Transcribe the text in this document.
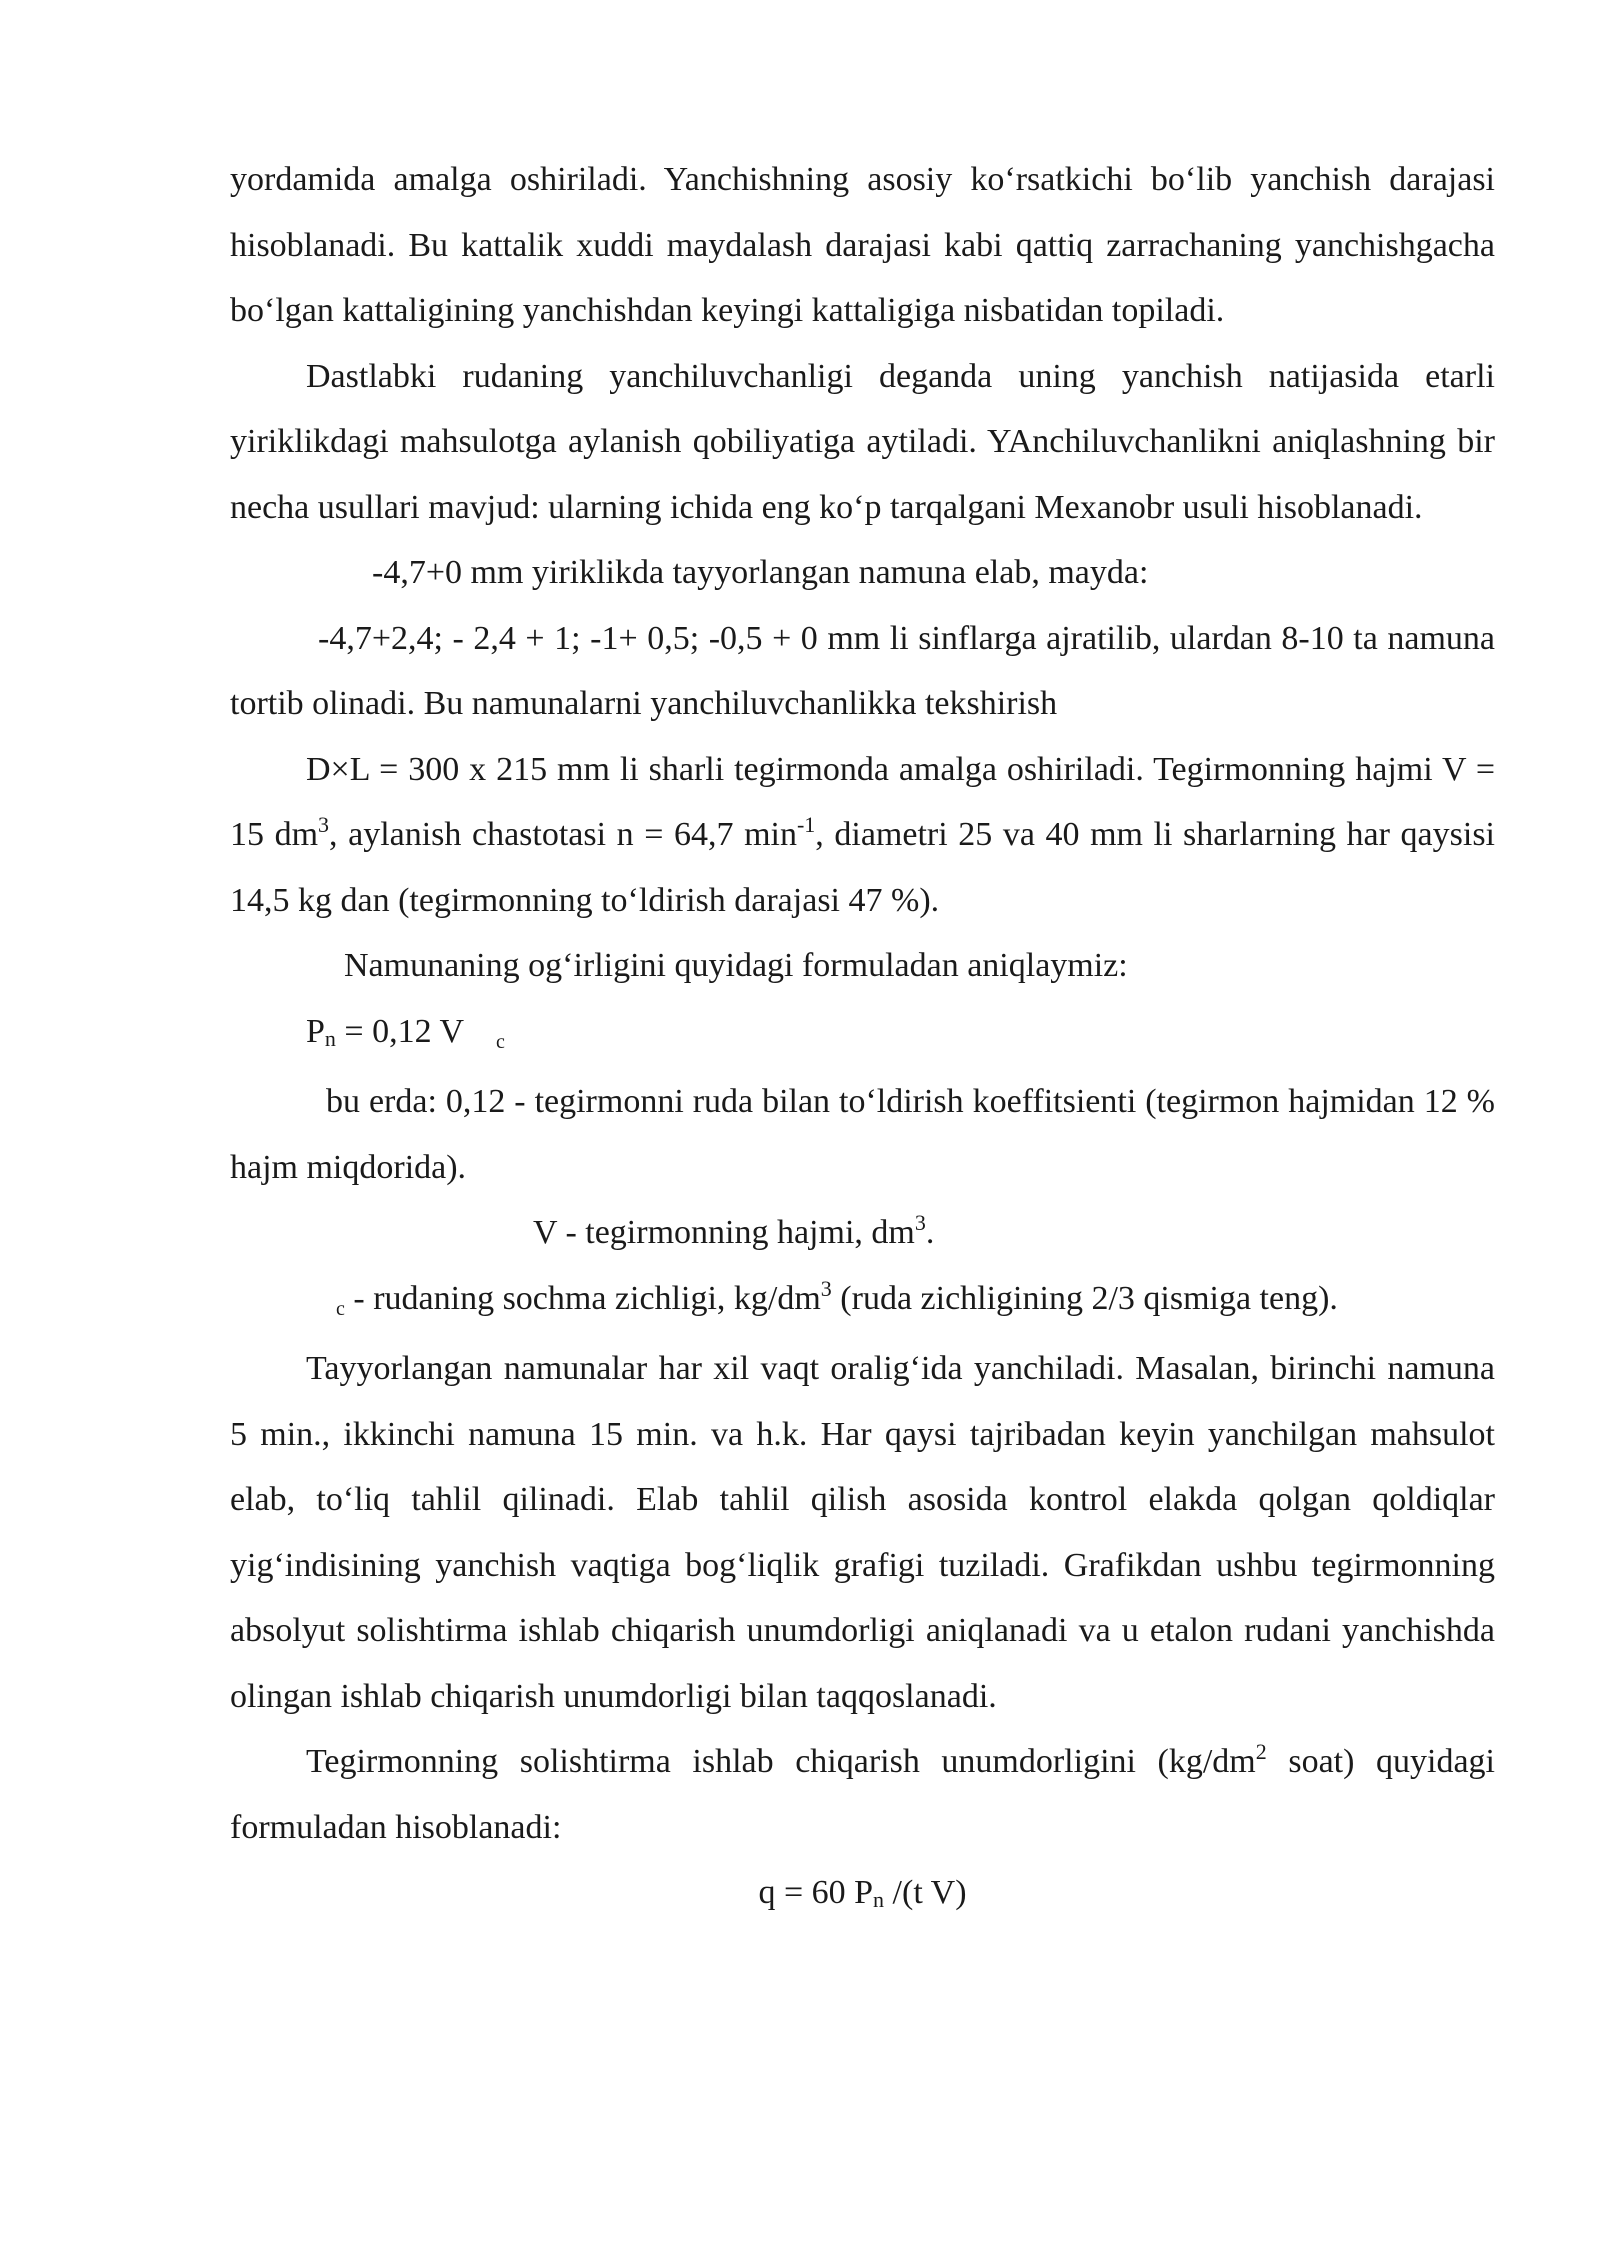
yordamida amalga oshiriladi. Yanchishning asosiy ko‘rsatkichi bo‘lib yanchish darajasi hisoblanadi. Bu kattalik xuddi maydalash darajasi kabi qattiq zarrachaning yanchishgacha bo‘lgan kattaligining yanchishdan keyingi kattaligiga nisbatidan topiladi.

Dastlabki rudaning yanchiluvchanligi deganda uning yanchish natijasida etarli yiriklikdagi mahsulotga aylanish qobiliyatiga aytiladi. YAnchiluvchanlikni aniqlashning bir necha usullari mavjud: ularning ichida eng ko‘p tarqalgani Mexanobr usuli hisoblanadi.

-4,7+0 mm yiriklikda tayyorlangan namuna elab, mayda:

-4,7+2,4; - 2,4 + 1; -1+ 0,5; -0,5 + 0 mm li sinflarga ajratilib, ulardan 8-10 ta namuna tortib olinadi. Bu namunalarni yanchiluvchanlikka tekshirish

D×L = 300 x 215 mm li sharli tegirmonda amalga oshiriladi. Tegirmonning hajmi V = 15 $dm^3$, aylanish chastotasi n = 64,7 $\min^{-1}$, diametri 25 va 40 mm li sharlarning har qaysisi 14,5 kg dan (tegirmonning to‘ldirish darajasi 47 %).

Namunaning og‘irligini quyidagi formuladan aniqlaymiz:

$P_n = 0,12$ V c

bu erda: 0,12 - tegirmonni ruda bilan to‘ldirish koeffitsienti (tegirmon hajmidan 12 % hajm miqdorida).

V - tegirmonning hajmi, $dm^3$.

c - rudaning sochma zichligi, $kg/dm^3$ (ruda zichligining 2/3 qismiga teng).

Tayyorlangan namunalar har xil vaqt oralig‘ida yanchiladi. Masalan, birinchi namuna 5 min., ikkinchi namuna 15 min. va h.k. Har qaysi tajribadan keyin yanchilgan mahsulot elab, to‘liq tahlil qilinadi. Elab tahlil qilish asosida kontrol elakda qolgan qoldiqlar yig‘indisining yanchish vaqtiga bog‘liqlik grafigi tuziladi. Grafikdan ushbu tegirmonning absolyut solishtirma ishlab chiqarish unumdorligi aniqlanadi va u etalon rudani yanchishda olingan ishlab chiqarish unumdorligi bilan taqqoslanadi.

Tegirmonning solishtirma ishlab chiqarish unumdorligini ($kg/dm^2$ soat) quyidagi formuladan hisoblanadi:

q = 60 $P_n$ /(t V)
